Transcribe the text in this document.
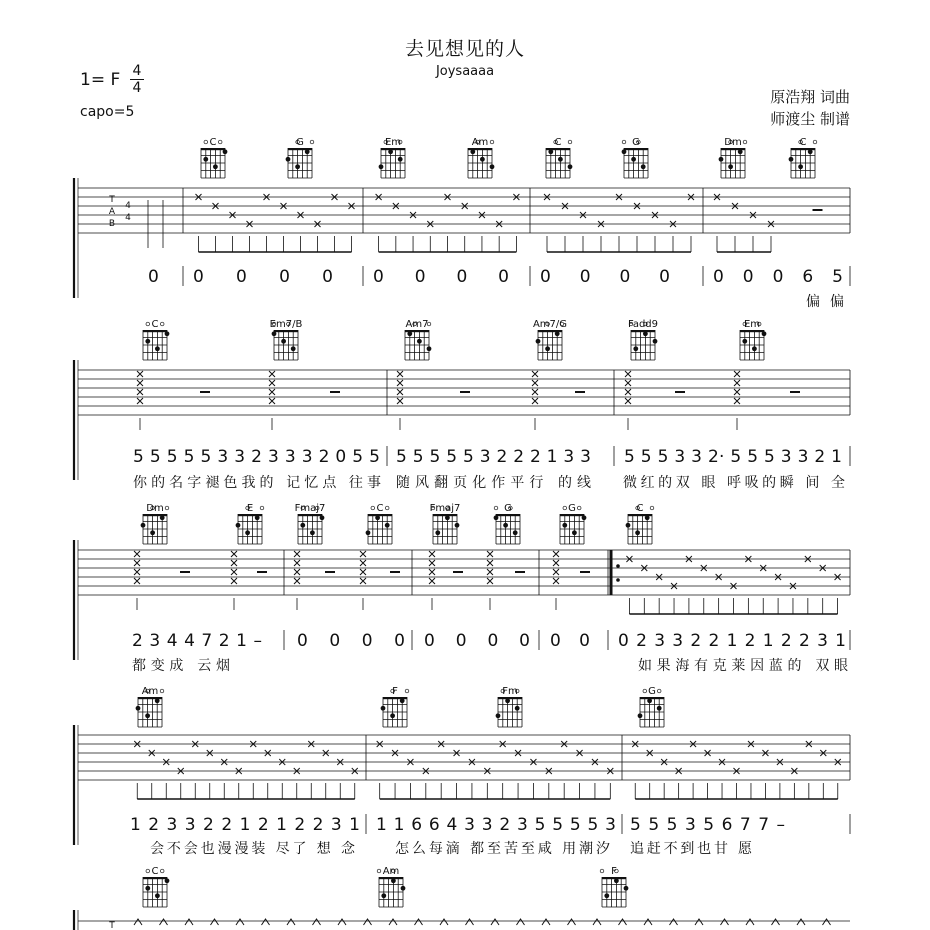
去见想见的人
Joysaaaa
1= F 4
4
capo=5
原浩翔 词曲
师渡尘 制谱
C	G	Em	Am	C	G	Dm	C
T
A
B
4
4
0 0 0 0 0 0 0 0 0 0 0 0 0	0 0 0 6 5
偏偏
C	Em7/B	Am7	Am7/G	Fadd9	Em
5 5 5 5 5 3 3 2 3 3 3 2 0 5 5 5 5 5 5 5 3 2 2 2 1 3 3 5 5 5 3 3 2· 5 5 5 3 3 2 1
你的名字褪色我的 记忆点 往事 随风翻页化作平行 的线 微红的双 眼 呼吸的瞬 间 全
Dm	E	Fmaj7	C	Fmaj7	G	G	C
2 3 4 4 7 2 1 – 0 0 0 0 0 0 0 0 0 0 0 2 3 3 2 2 1 2 1 2 2 3 1
都变成 云烟	如果海有克莱因蓝的 双眼
Am	F	Fm	G
1 2 3 3 2 2 1 2 1 2 2 3 1 1 1 6 6 4 3 3 2 3 5 5 5 5 3 5 5 5 3 5 6 7 7 –
会不会也漫漫装 尽了 想 念	怎么每滴 都至苦至咸 用潮汐 追赶不到也甘 愿
C	Am	F
T
